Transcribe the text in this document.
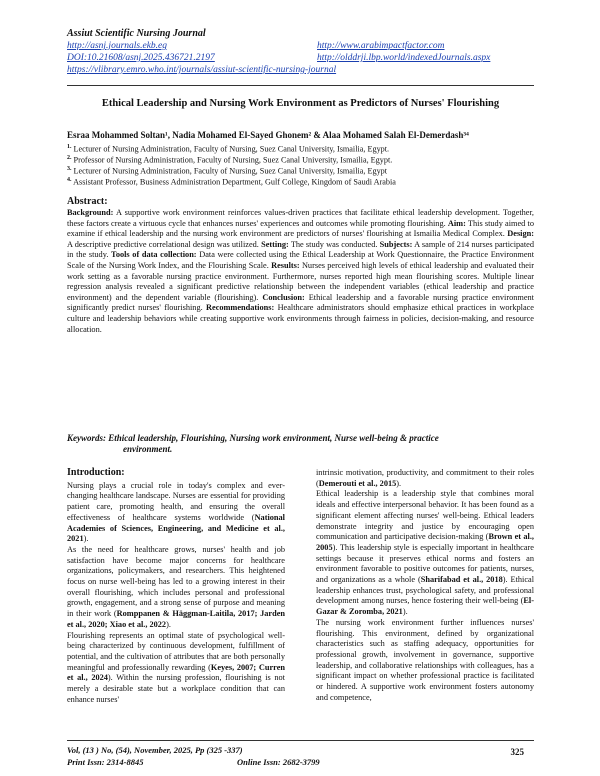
Assiut Scientific Nursing Journal
http://asnj.journals.ekb.eg	http://www.arabimpactfactor.com
DOI:10.21608/asnj.2025.436721.2197	http://olddrji.lbp.world/indexedJournals.aspx
https://vlibrary.emro.who.int/journals/assiut-scientific-nursing-journal
Ethical Leadership and Nursing Work Environment as Predictors of Nurses' Flourishing
Esraa Mohammed Soltan¹, Nadia Mohamed El-Sayed Ghonem² & Alaa Mohamed Salah El-Demerdash³⁴
$^{1.}$ Lecturer of Nursing Administration, Faculty of Nursing, Suez Canal University, Ismailia, Egypt.
$^{2.}$ Professor of Nursing Administration, Faculty of Nursing, Suez Canal University, Ismailia, Egypt.
$^{3.}$ Lecturer of Nursing Administration, Faculty of Nursing, Suez Canal University, Ismailia, Egypt
$^{4.}$ Assistant Professor, Business Administration Department, Gulf College, Kingdom of Saudi Arabia
Abstract:
Background: A supportive work environment reinforces values-driven practices that facilitate ethical leadership development. Together, these factors create a virtuous cycle that enhances nurses' experiences and outcomes while promoting flourishing. Aim: This study aimed to examine if ethical leadership and the nursing work environment are predictors of nurses' flourishing at Ismailia Medical Complex. Design: A descriptive predictive correlational design was utilized. Setting: The study was conducted. Subjects: A sample of 214 nurses participated in the study. Tools of data collection: Data were collected using the Ethical Leadership at Work Questionnaire, the Practice Environment Scale of the Nursing Work Index, and the Flourishing Scale. Results: Nurses perceived high levels of ethical leadership and evaluated their work setting as a favorable nursing practice environment. Furthermore, nurses reported high mean flourishing scores. Multiple linear regression analysis revealed a significant predictive relationship between the independent variables (ethical leadership and practice environment) and the dependent variable (flourishing). Conclusion: Ethical leadership and a favorable nursing practice environment significantly predict nurses' flourishing. Recommendations: Healthcare administrators should emphasize ethical practices in workplace culture and leadership behaviors while creating supportive work environments through fairness in policies, decision-making, and resource allocation.
Keywords: Ethical leadership, Flourishing, Nursing work environment, Nurse well-being & practice
environment.
Introduction:
Nursing plays a crucial role in today's complex and ever-changing healthcare landscape. Nurses are essential for providing patient care, promoting health, and ensuring the overall effectiveness of healthcare systems worldwide (National Academies of Sciences, Engineering, and Medicine et al., 2021).
As the need for healthcare grows, nurses' health and job satisfaction have become major concerns for healthcare organizations, policymakers, and researchers. This heightened focus on nurse well-being has led to a growing interest in their overall flourishing, which includes personal and professional growth, engagement, and a strong sense of purpose and meaning in their work (Romppanen & Häggman-Laitila, 2017; Jarden et al., 2020; Xiao et al., 2022).
Flourishing represents an optimal state of psychological well-being characterized by continuous development, fulfillment of potential, and the cultivation of attributes that are both personally meaningful and professionally rewarding (Keyes, 2007; Curren et al., 2024). Within the nursing profession, flourishing is not merely a desirable state but a workplace condition that can enhance nurses'
intrinsic motivation, productivity, and commitment to their roles (Demerouti et al., 2015).
Ethical leadership is a leadership style that combines moral ideals and effective interpersonal behavior. It has been found as a significant element affecting nurses' well-being. Ethical leaders demonstrate integrity and justice by encouraging open communication and participative decision-making (Brown et al., 2005). This leadership style is especially important in healthcare settings because it preserves ethical norms and fosters an environment favorable to positive outcomes for patients, nurses, and organizations as a whole (Sharifabad et al., 2018). Ethical leadership enhances trust, psychological safety, and professional development among nurses, hence fostering their well-being (El-Gazar & Zoromba, 2021).
The nursing work environment further influences nurses' flourishing. This environment, defined by organizational characteristics such as staffing adequacy, opportunities for professional growth, involvement in governance, supportive leadership, and collaborative relationships with colleagues, has a significant impact on whether professional practice is facilitated or hindered. A supportive work environment fosters autonomy and competence,
Vol, (13 ) No, (54), November, 2025, Pp (325 -337)
Print Issn: 2314-8845	Online Issn: 2682-3799
325
